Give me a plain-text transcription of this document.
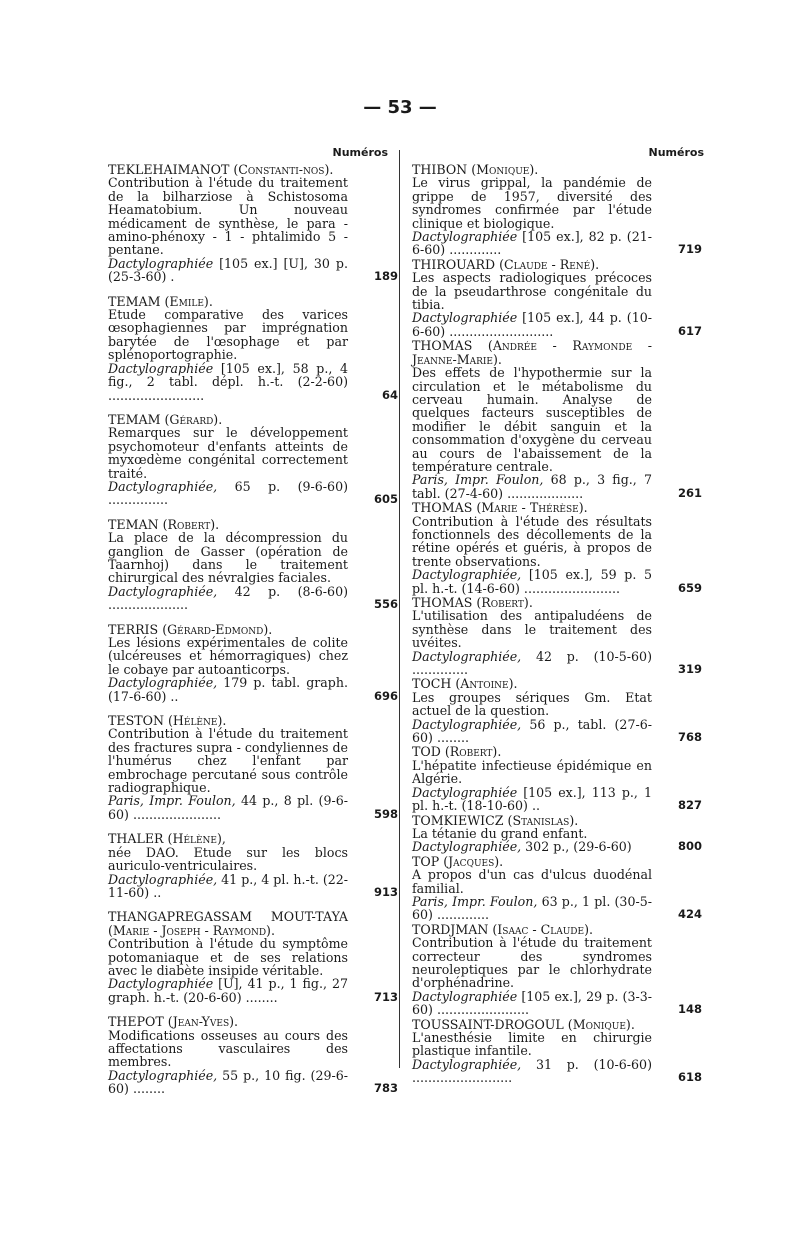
— 53 —
Numéros
TEKLEHAIMANOT (Constanti-nos).
Contribution à l'étude du traitement de la bilharziose à Schistosoma Heamatobium. Un nouveau médicament de synthèse, le para - amino-phénoxy - 1 - phtalimido 5 - pentane.
Dactylographiée [105 ex.] [U], 30 p. (25-3-60) .	189
TEMAM (Emile).
Etude comparative des varices œsophagiennes par imprégnation barytée de l'œsophage et par splénoportographie.
Dactylographiée [105 ex.], 58 p., 4 fig., 2 tabl. dépl. h.-t. (2-2-60) ........................	64
TEMAM (Gérard).
Remarques sur le développement psychomoteur d'enfants atteints de myxœdème congénital correctement traité.
Dactylographiée, 65 p. (9-6-60) ...............	605
TEMAN (Robert).
La place de la décompression du ganglion de Gasser (opération de Taarnhoj) dans le traitement chirurgical des névralgies faciales.
Dactylographiée, 42 p. (8-6-60) ....................	556
TERRIS (Gérard-Edmond).
Les lésions expérimentales de colite (ulcéreuses et hémorragiques) chez le cobaye par autoanticorps.
Dactylographiée, 179 p. tabl. graph. (17-6-60) ..	696
TESTON (Hélène).
Contribution à l'étude du traitement des fractures supra - condyliennes de l'humérus chez l'enfant par embrochage percutané sous contrôle radiographique.
Paris, Impr. Foulon, 44 p., 8 pl. (9-6-60) ......................	598
THALER (Hélène),
née DAO. Etude sur les blocs auriculo-ventriculaires.
Dactylographiée, 41 p., 4 pl. h.-t. (22-11-60) ..	913
THANGAPREGASSAM MOUT-TAYA (Marie - Joseph - Raymond).
Contribution à l'étude du symptôme potomaniaque et de ses relations avec le diabète insipide véritable.
Dactylographiée [U], 41 p., 1 fig., 27 graph. h.-t. (20-6-60) ........	713
THEPOT (Jean-Yves).
Modifications osseuses au cours des affectations vasculaires des membres.
Dactylographiée, 55 p., 10 fig. (29-6-60) ........	783
Numéros
THIBON (Monique).
Le virus grippal, la pandémie de grippe de 1957, diversité des syndromes confirmée par l'étude clinique et biologique.
Dactylographiée [105 ex.], 82 p. (21-6-60) .............	719
THIROUARD (Claude - René).
Les aspects radiologiques précoces de la pseudarthrose congénitale du tibia.
Dactylographiée [105 ex.], 44 p. (10-6-60) ..........................	617
THOMAS (Andrée - Raymonde - Jeanne-Marie).
Des effets de l'hypothermie sur la circulation et le métabolisme du cerveau humain. Analyse de quelques facteurs susceptibles de modifier le débit sanguin et la consommation d'oxygène du cerveau au cours de l'abaissement de la température centrale.
Paris, Impr. Foulon, 68 p., 3 fig., 7 tabl. (27-4-60) ...................	261
THOMAS (Marie - Thérèse).
Contribution à l'étude des résultats fonctionnels des décollements de la rétine opérés et guéris, à propos de trente observations.
Dactylographiée, [105 ex.], 59 p. 5 pl. h.-t. (14-6-60) ........................	659
THOMAS (Robert).
L'utilisation des antipaludéens de synthèse dans le traitement des uvéites.
Dactylographiée, 42 p. (10-5-60) ..............	319
TOCH (Antoine).
Les groupes sériques Gm. Etat actuel de la question.
Dactylographiée, 56 p., tabl. (27-6-60) ........	768
TOD (Robert).
L'hépatite infectieuse épidémique en Algérie.
Dactylographiée [105 ex.], 113 p., 1 pl. h.-t. (18-10-60) ..	827
TOMKIEWICZ (Stanislas).
La tétanie du grand enfant.
Dactylographiée, 302 p., (29-6-60)	800
TOP (Jacques).
A propos d'un cas d'ulcus duodénal familial.
Paris, Impr. Foulon, 63 p., 1 pl. (30-5-60) .............	424
TORDJMAN (Isaac - Claude).
Contribution à l'étude du traitement correcteur des syndromes neuroleptiques par le chlorhydrate d'orphénadrine.
Dactylographiée [105 ex.], 29 p. (3-3-60) .......................	148
TOUSSAINT-DROGOUL (Monique).
L'anesthésie limite en chirurgie plastique infantile.
Dactylographiée, 31 p. (10-6-60) .........................	618
